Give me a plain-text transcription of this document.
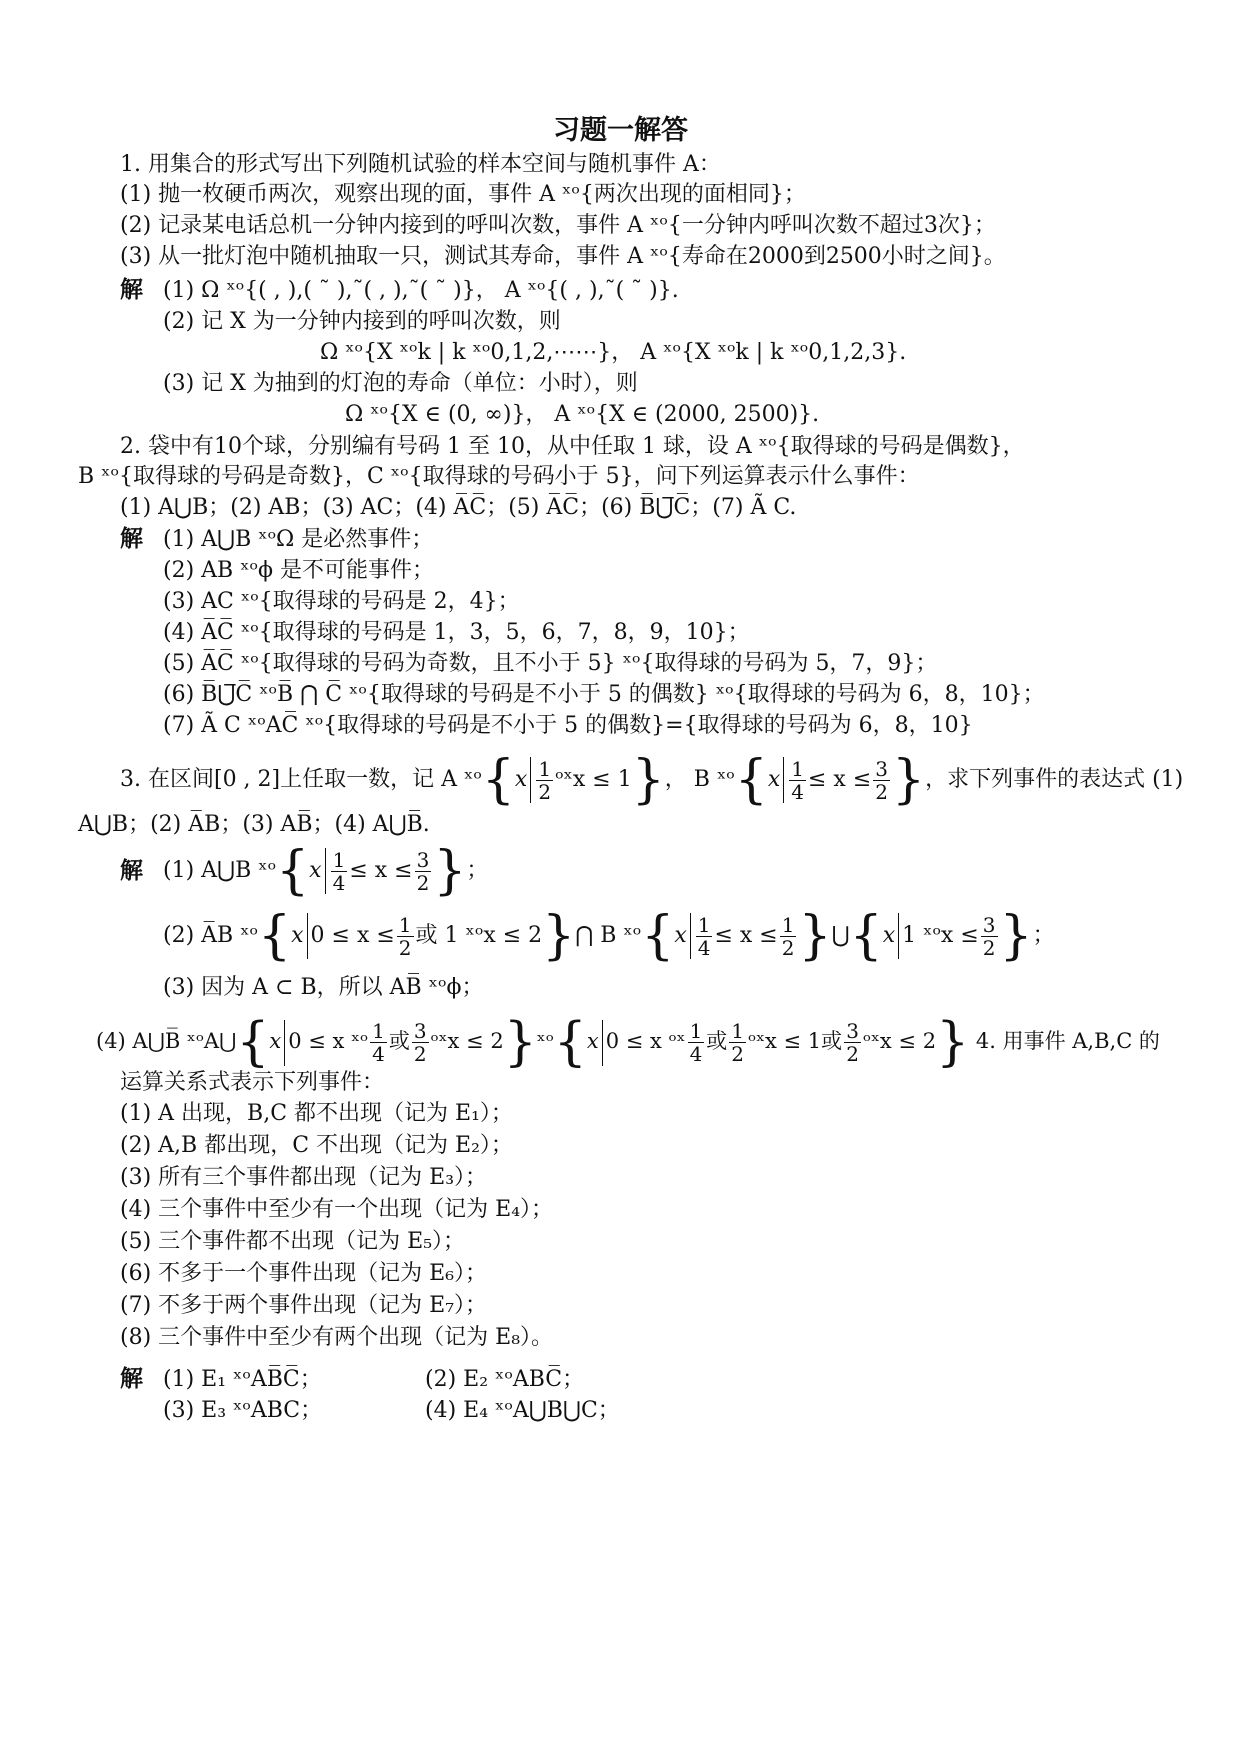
习题一解答
1. 用集合的形式写出下列随机试验的样本空间与随机事件 A：
(1) 抛一枚硬币两次，观察出现的面，事件 A ˣᵒ{两次出现的面相同}；
(2) 记录某电话总机一分钟内接到的呼叫次数，事件 A ˣᵒ{一分钟内呼叫次数不超过3次}；
(3) 从一批灯泡中随机抽取一只，测试其寿命，事件 A ˣᵒ{寿命在2000到2500小时之间}。
解 (1) Ω ˣᵒ{( , ),( ˜ ),˜( , ),˜( ˜ )}， A ˣᵒ{( , ),˜( ˜ )}.
(2) 记 X 为一分钟内接到的呼叫次数，则
Ω ˣᵒ{X ˣᵒk | k ˣᵒ0,1,2,⋯⋯}， A ˣᵒ{X ˣᵒk | k ˣᵒ0,1,2,3}.
(3) 记 X 为抽到的灯泡的寿命（单位：小时），则
Ω ˣᵒ{X ∈ (0, ∞)}， A ˣᵒ{X ∈ (2000, 2500)}.
2. 袋中有10个球，分别编有号码 1 至 10，从中任取 1 球，设 A ˣᵒ{取得球的号码是偶数}，
B ˣᵒ{取得球的号码是奇数}，C ˣᵒ{取得球的号码小于 5}，问下列运算表示什么事件：
(1) A⋃B；(2) AB；(3) AC；(4) A̅C̅；(5) A̅C̅；(6) B̅⋃̅C̅；(7) Ã C.
解 (1) A⋃B ˣᵒΩ 是必然事件；
(2) AB ˣᵒϕ 是不可能事件；
(3) AC ˣᵒ{取得球的号码是 2，4}；
(4) A̅C̅ ˣᵒ{取得球的号码是 1，3，5，6，7，8，9，10}；
(5) A̅C̅ ˣᵒ{取得球的号码为奇数，且不小于 5} ˣᵒ{取得球的号码为 5，7，9}；
(6) B̅⋃̅C̅ ˣᵒB̅ ⋂ C̅ ˣᵒ{取得球的号码是不小于 5 的偶数} ˣᵒ{取得球的号码为 6，8，10}；
(7) Ã C ˣᵒAC̅ ˣᵒ{取得球的号码是不小于 5 的偶数}={取得球的号码为 6，8，10}
3. 在区间[0 , 2]上任取一数，记 A ˣᵒ{x $\frac{1}{2}$ ᵒˣx ≤ 1}， B ˣᵒ{x $\frac{1}{4} \le x \le \frac{3}{2}$ }，求下列事件的表达式 (1)
A⋃B；(2) A̅B；(3) AB̅；(4) A⋃B̅.
解 (1) A⋃B ˣᵒ{x $\frac{1}{4} \le x \le \frac{3}{2}$ }；
(2) A̅B ˣᵒ{x $0 \le x \le \frac{1}{2}$ 或 1 ˣᵒx ≤ 2}⋂ B ˣᵒ{x $\frac{1}{4} \le x \le \frac{1}{2}$ }⋃{x 1 ˣᵒx ≤ $\frac{3}{2}$ }；
(3) 因为 A ⊂ B，所以 AB̅ ˣᵒϕ；
(4) A⋃B̅ ˣᵒA⋃{x 0 ≤ x ˣᵒ $\frac{1}{4}$ 或 $\frac{3}{2}$ ᵒˣx ≤ 2}ˣᵒ{x 0 ≤ x ᵒˣ $\frac{1}{4}$ 或 $\frac{1}{2}$ ᵒˣx ≤ 1或 $\frac{3}{2}$ ᵒˣx ≤ 2} 4. 用事件 A,B,C 的
运算关系式表示下列事件：
(1) A 出现，B,C 都不出现（记为 E₁）；
(2) A,B 都出现，C 不出现（记为 E₂）；
(3) 所有三个事件都出现（记为 E₃）；
(4) 三个事件中至少有一个出现（记为 E₄）；
(5) 三个事件都不出现（记为 E₅）；
(6) 不多于一个事件出现（记为 E₆）；
(7) 不多于两个事件出现（记为 E₇）；
(8) 三个事件中至少有两个出现（记为 E₈）。
解 (1) E₁ ˣᵒAB̅C̅；	(2) E₂ ˣᵒABC̅；
(3) E₃ ˣᵒABC；	(4) E₄ ˣᵒA⋃B⋃C；
